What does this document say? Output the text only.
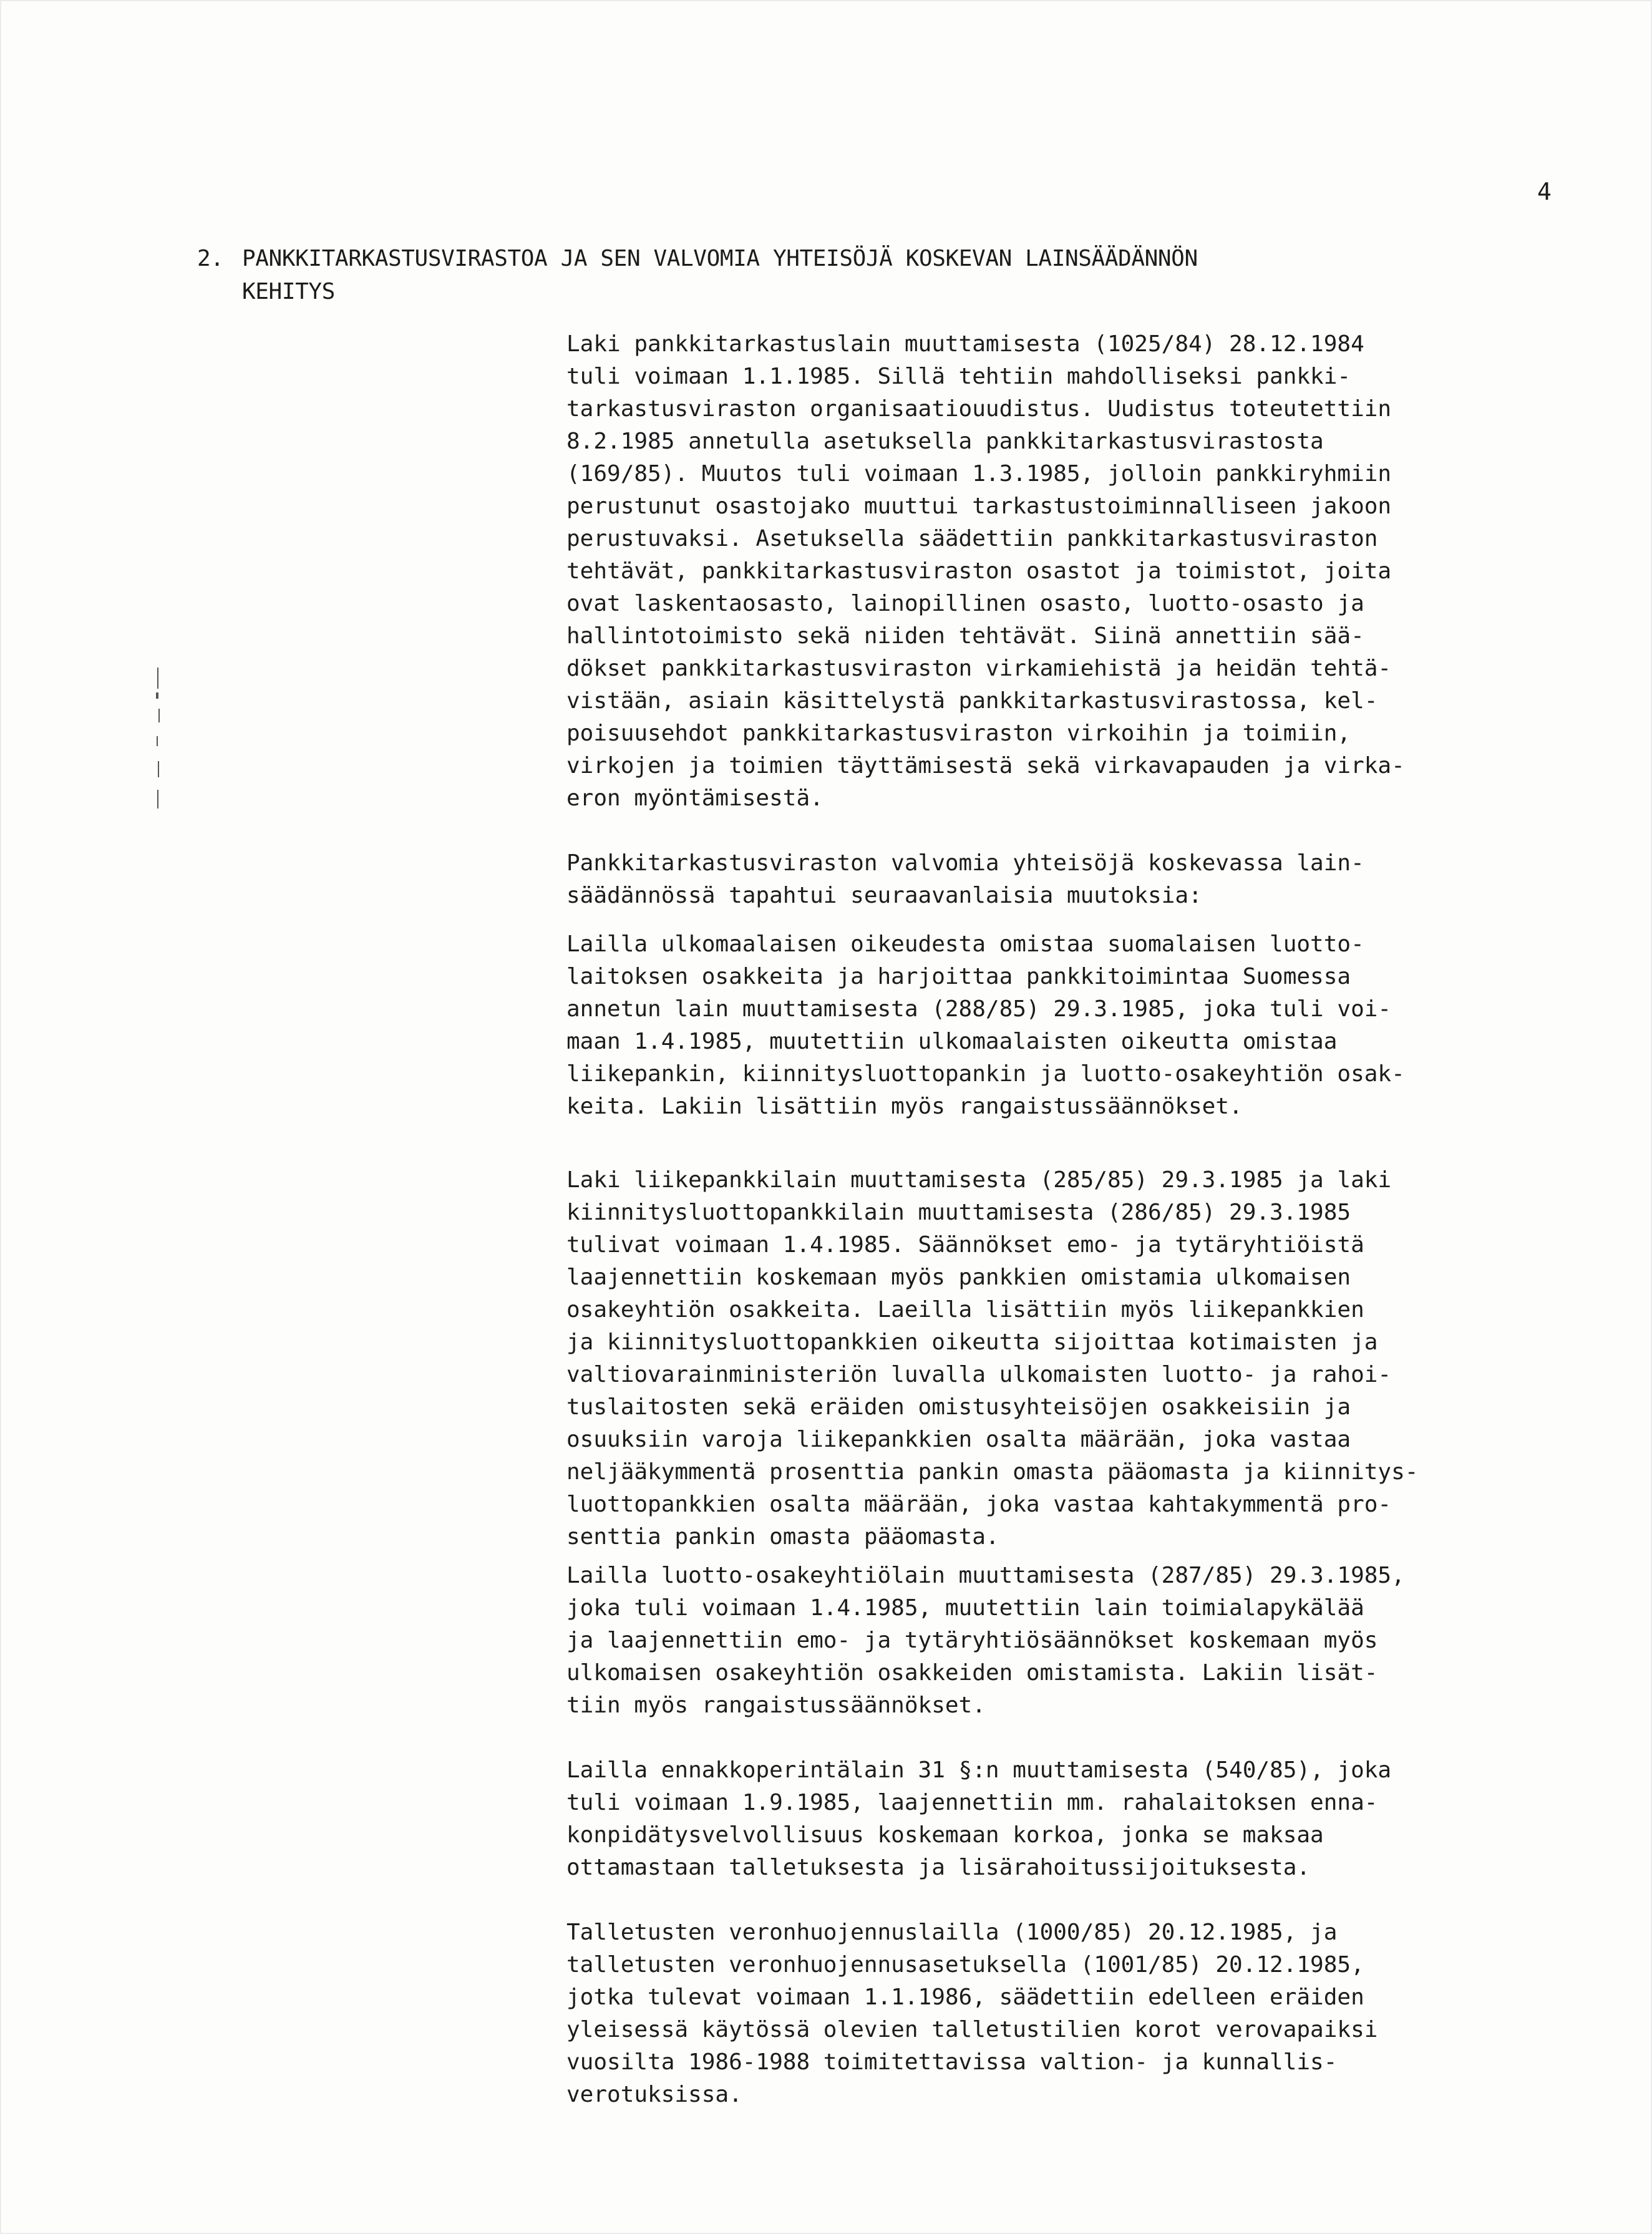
4
2. PANKKITARKASTUSVIRASTOA JA SEN VALVOMIA YHTEISÖJÄ KOSKEVAN LAINSÄÄDÄNNÖN
KEHITYS
Laki pankkitarkastuslain muuttamisesta (1025/84) 28.12.1984
tuli voimaan 1.1.1985. Sillä tehtiin mahdolliseksi pankki-
tarkastusviraston organisaatiouudistus. Uudistus toteutettiin
8.2.1985 annetulla asetuksella pankkitarkastusvirastosta
(169/85). Muutos tuli voimaan 1.3.1985, jolloin pankkiryhmiin
perustunut osastojako muuttui tarkastustoiminnalliseen jakoon
perustuvaksi. Asetuksella säädettiin pankkitarkastusviraston
tehtävät, pankkitarkastusviraston osastot ja toimistot, joita
ovat laskentaosasto, lainopillinen osasto, luotto-osasto ja
hallintotoimisto sekä niiden tehtävät. Siinä annettiin sää-
dökset pankkitarkastusviraston virkamiehistä ja heidän tehtä-
vistään, asiain käsittelystä pankkitarkastusvirastossa, kel-
poisuusehdot pankkitarkastusviraston virkoihin ja toimiin,
virkojen ja toimien täyttämisestä sekä virkavapauden ja virka-
eron myöntämisestä.
Pankkitarkastusviraston valvomia yhteisöjä koskevassa lain-
säädännössä tapahtui seuraavanlaisia muutoksia:
Lailla ulkomaalaisen oikeudesta omistaa suomalaisen luotto-
laitoksen osakkeita ja harjoittaa pankkitoimintaa Suomessa
annetun lain muuttamisesta (288/85) 29.3.1985, joka tuli voi-
maan 1.4.1985, muutettiin ulkomaalaisten oikeutta omistaa
liikepankin, kiinnitysluottopankin ja luotto-osakeyhtiön osak-
keita. Lakiin lisättiin myös rangaistussäännökset.
Laki liikepankkilain muuttamisesta (285/85) 29.3.1985 ja laki
kiinnitysluottopankkilain muuttamisesta (286/85) 29.3.1985
tulivat voimaan 1.4.1985. Säännökset emo- ja tytäryhtiöistä
laajennettiin koskemaan myös pankkien omistamia ulkomaisen
osakeyhtiön osakkeita. Laeilla lisättiin myös liikepankkien
ja kiinnitysluottopankkien oikeutta sijoittaa kotimaisten ja
valtiovarainministeriön luvalla ulkomaisten luotto- ja rahoi-
tuslaitosten sekä eräiden omistusyhteisöjen osakkeisiin ja
osuuksiin varoja liikepankkien osalta määrään, joka vastaa
neljääkymmentä prosenttia pankin omasta pääomasta ja kiinnitys-
luottopankkien osalta määrään, joka vastaa kahtakymmentä pro-
senttia pankin omasta pääomasta.
Lailla luotto-osakeyhtiölain muuttamisesta (287/85) 29.3.1985,
joka tuli voimaan 1.4.1985, muutettiin lain toimialapykälää
ja laajennettiin emo- ja tytäryhtiösäännökset koskemaan myös
ulkomaisen osakeyhtiön osakkeiden omistamista. Lakiin lisät-
tiin myös rangaistussäännökset.
Lailla ennakkoperintälain 31 §:n muuttamisesta (540/85), joka
tuli voimaan 1.9.1985, laajennettiin mm. rahalaitoksen enna-
konpidätysvelvollisuus koskemaan korkoa, jonka se maksaa
ottamastaan talletuksesta ja lisärahoitussijoituksesta.
Talletusten veronhuojennuslailla (1000/85) 20.12.1985, ja
talletusten veronhuojennusasetuksella (1001/85) 20.12.1985,
jotka tulevat voimaan 1.1.1986, säädettiin edelleen eräiden
yleisessä käytössä olevien talletustilien korot verovapaiksi
vuosilta 1986-1988 toimitettavissa valtion- ja kunnallis-
verotuksissa.
